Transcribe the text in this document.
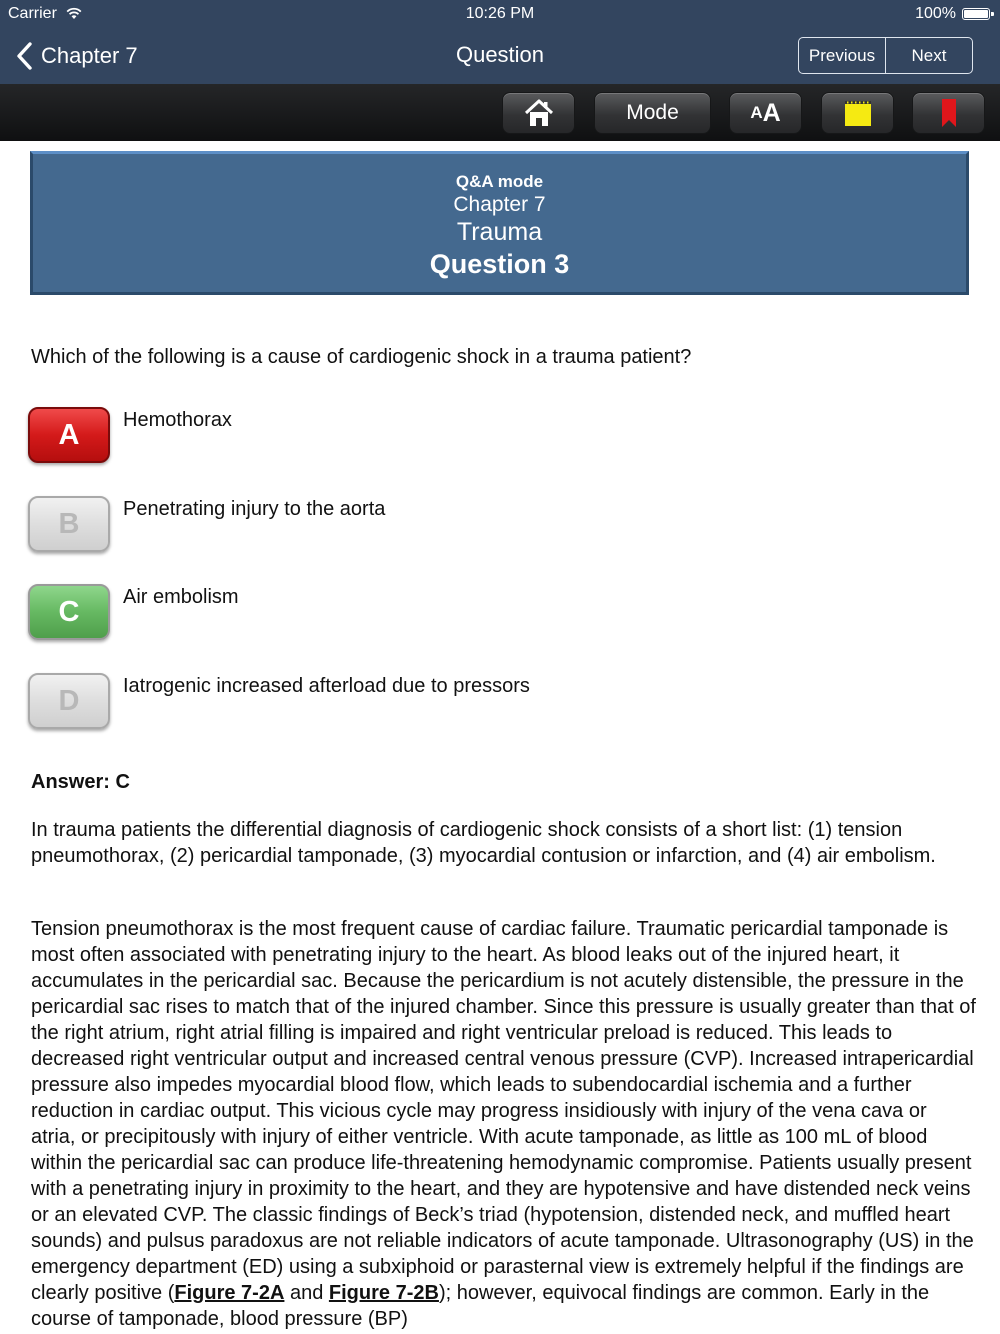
Carrier	10:26 PM	100%
Chapter 7	Question	Previous	Next
Mode	A A
Q&A mode
Chapter 7
Trauma
Question 3
Which of the following is a cause of cardiogenic shock in a trauma patient?
A	Hemothorax
B	Penetrating injury to the aorta
C	Air embolism
D	Iatrogenic increased afterload due to pressors
Answer: C
In trauma patients the differential diagnosis of cardiogenic shock consists of a short list: (1) tension pneumothorax, (2) pericardial tamponade, (3) myocardial contusion or infarction, and (4) air embolism.
Tension pneumothorax is the most frequent cause of cardiac failure. Traumatic pericardial tamponade is most often associated with penetrating injury to the heart. As blood leaks out of the injured heart, it accumulates in the pericardial sac. Because the pericardium is not acutely distensible, the pressure in the pericardial sac rises to match that of the injured chamber. Since this pressure is usually greater than that of the right atrium, right atrial filling is impaired and right ventricular preload is reduced. This leads to decreased right ventricular output and increased central venous pressure (CVP). Increased intrapericardial pressure also impedes myocardial blood flow, which leads to subendocardial ischemia and a further reduction in cardiac output. This vicious cycle may progress insidiously with injury of the vena cava or atria, or precipitously with injury of either ventricle. With acute tamponade, as little as 100 mL of blood within the pericardial sac can produce life-threatening hemodynamic compromise. Patients usually present with a penetrating injury in proximity to the heart, and they are hypotensive and have distended neck veins or an elevated CVP. The classic findings of Beck’s triad (hypotension, distended neck, and muffled heart sounds) and pulsus paradoxus are not reliable indicators of acute tamponade. Ultrasonography (US) in the emergency department (ED) using a subxiphoid or parasternal view is extremely helpful if the findings are clearly positive (Figure 7-2A and Figure 7-2B); however, equivocal findings are common. Early in the course of tamponade, blood pressure (BP)
